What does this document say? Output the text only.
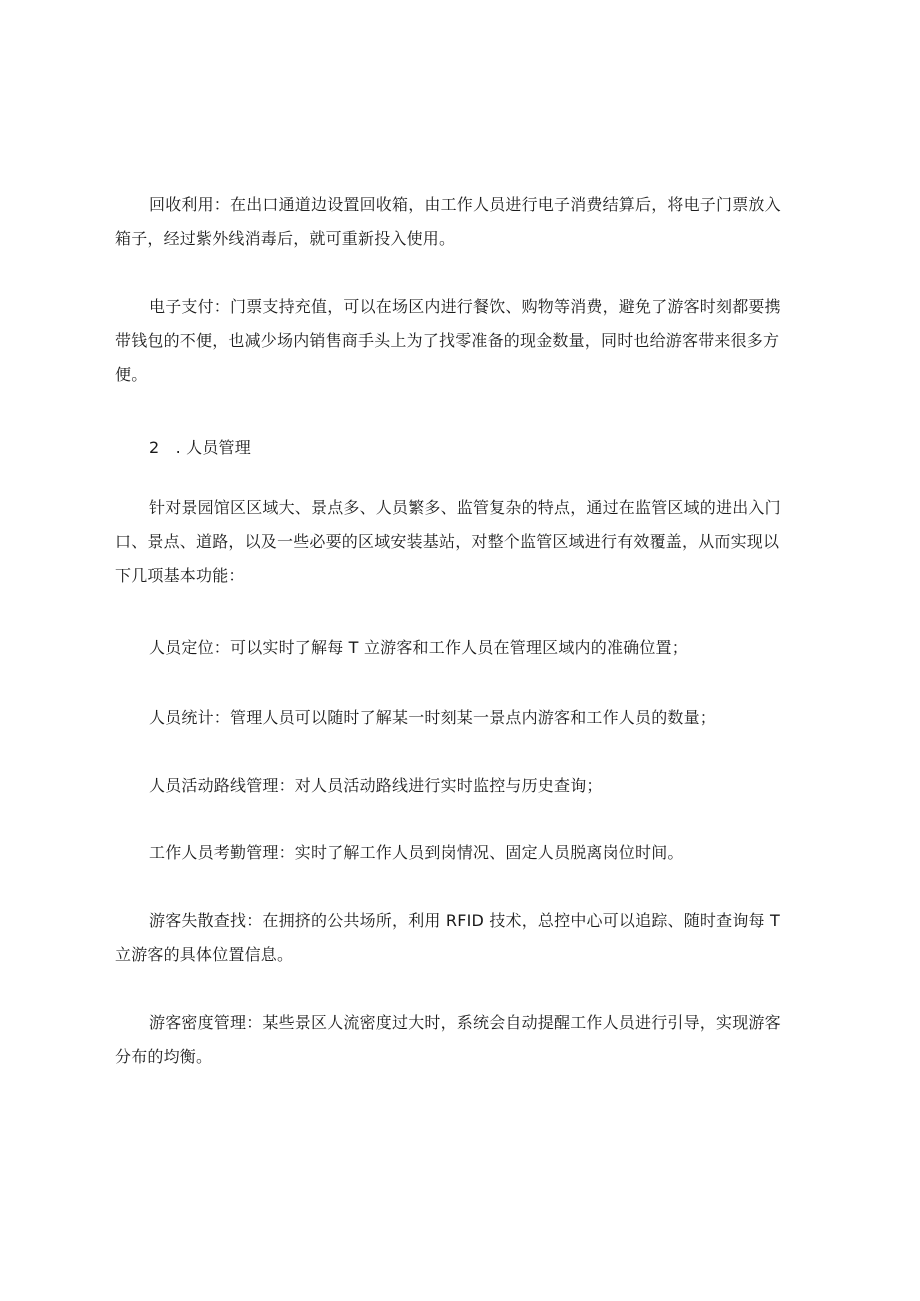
回收利用：在出口通道边设置回收箱，由工作人员进行电子消费结算后，将电子门票放入
箱子，经过紫外线消毒后，就可重新投入使用。

电子支付：门票支持充值，可以在场区内进行餐饮、购物等消费，避免了游客时刻都要携
带钱包的不便，也减少场内销售商手头上为了找零准备的现金数量，同时也给游客带来很多方
便。

2　. 人员管理

针对景园馆区区域大、景点多、人员繁多、监管复杂的特点，通过在监管区域的进出入门
口、景点、道路，以及一些必要的区域安装基站，对整个监管区域进行有效覆盖，从而实现以
下几项基本功能：

人员定位：可以实时了解每 T 立游客和工作人员在管理区域内的准确位置；

人员统计：管理人员可以随时了解某一时刻某一景点内游客和工作人员的数量；

人员活动路线管理：对人员活动路线进行实时监控与历史查询；

工作人员考勤管理：实时了解工作人员到岗情况、固定人员脱离岗位时间。

游客失散查找：在拥挤的公共场所，利用 RFID 技术，总控中心可以追踪、随时查询每 T
立游客的具体位置信息。

游客密度管理：某些景区人流密度过大时，系统会自动提醒工作人员进行引导，实现游客
分布的均衡。
